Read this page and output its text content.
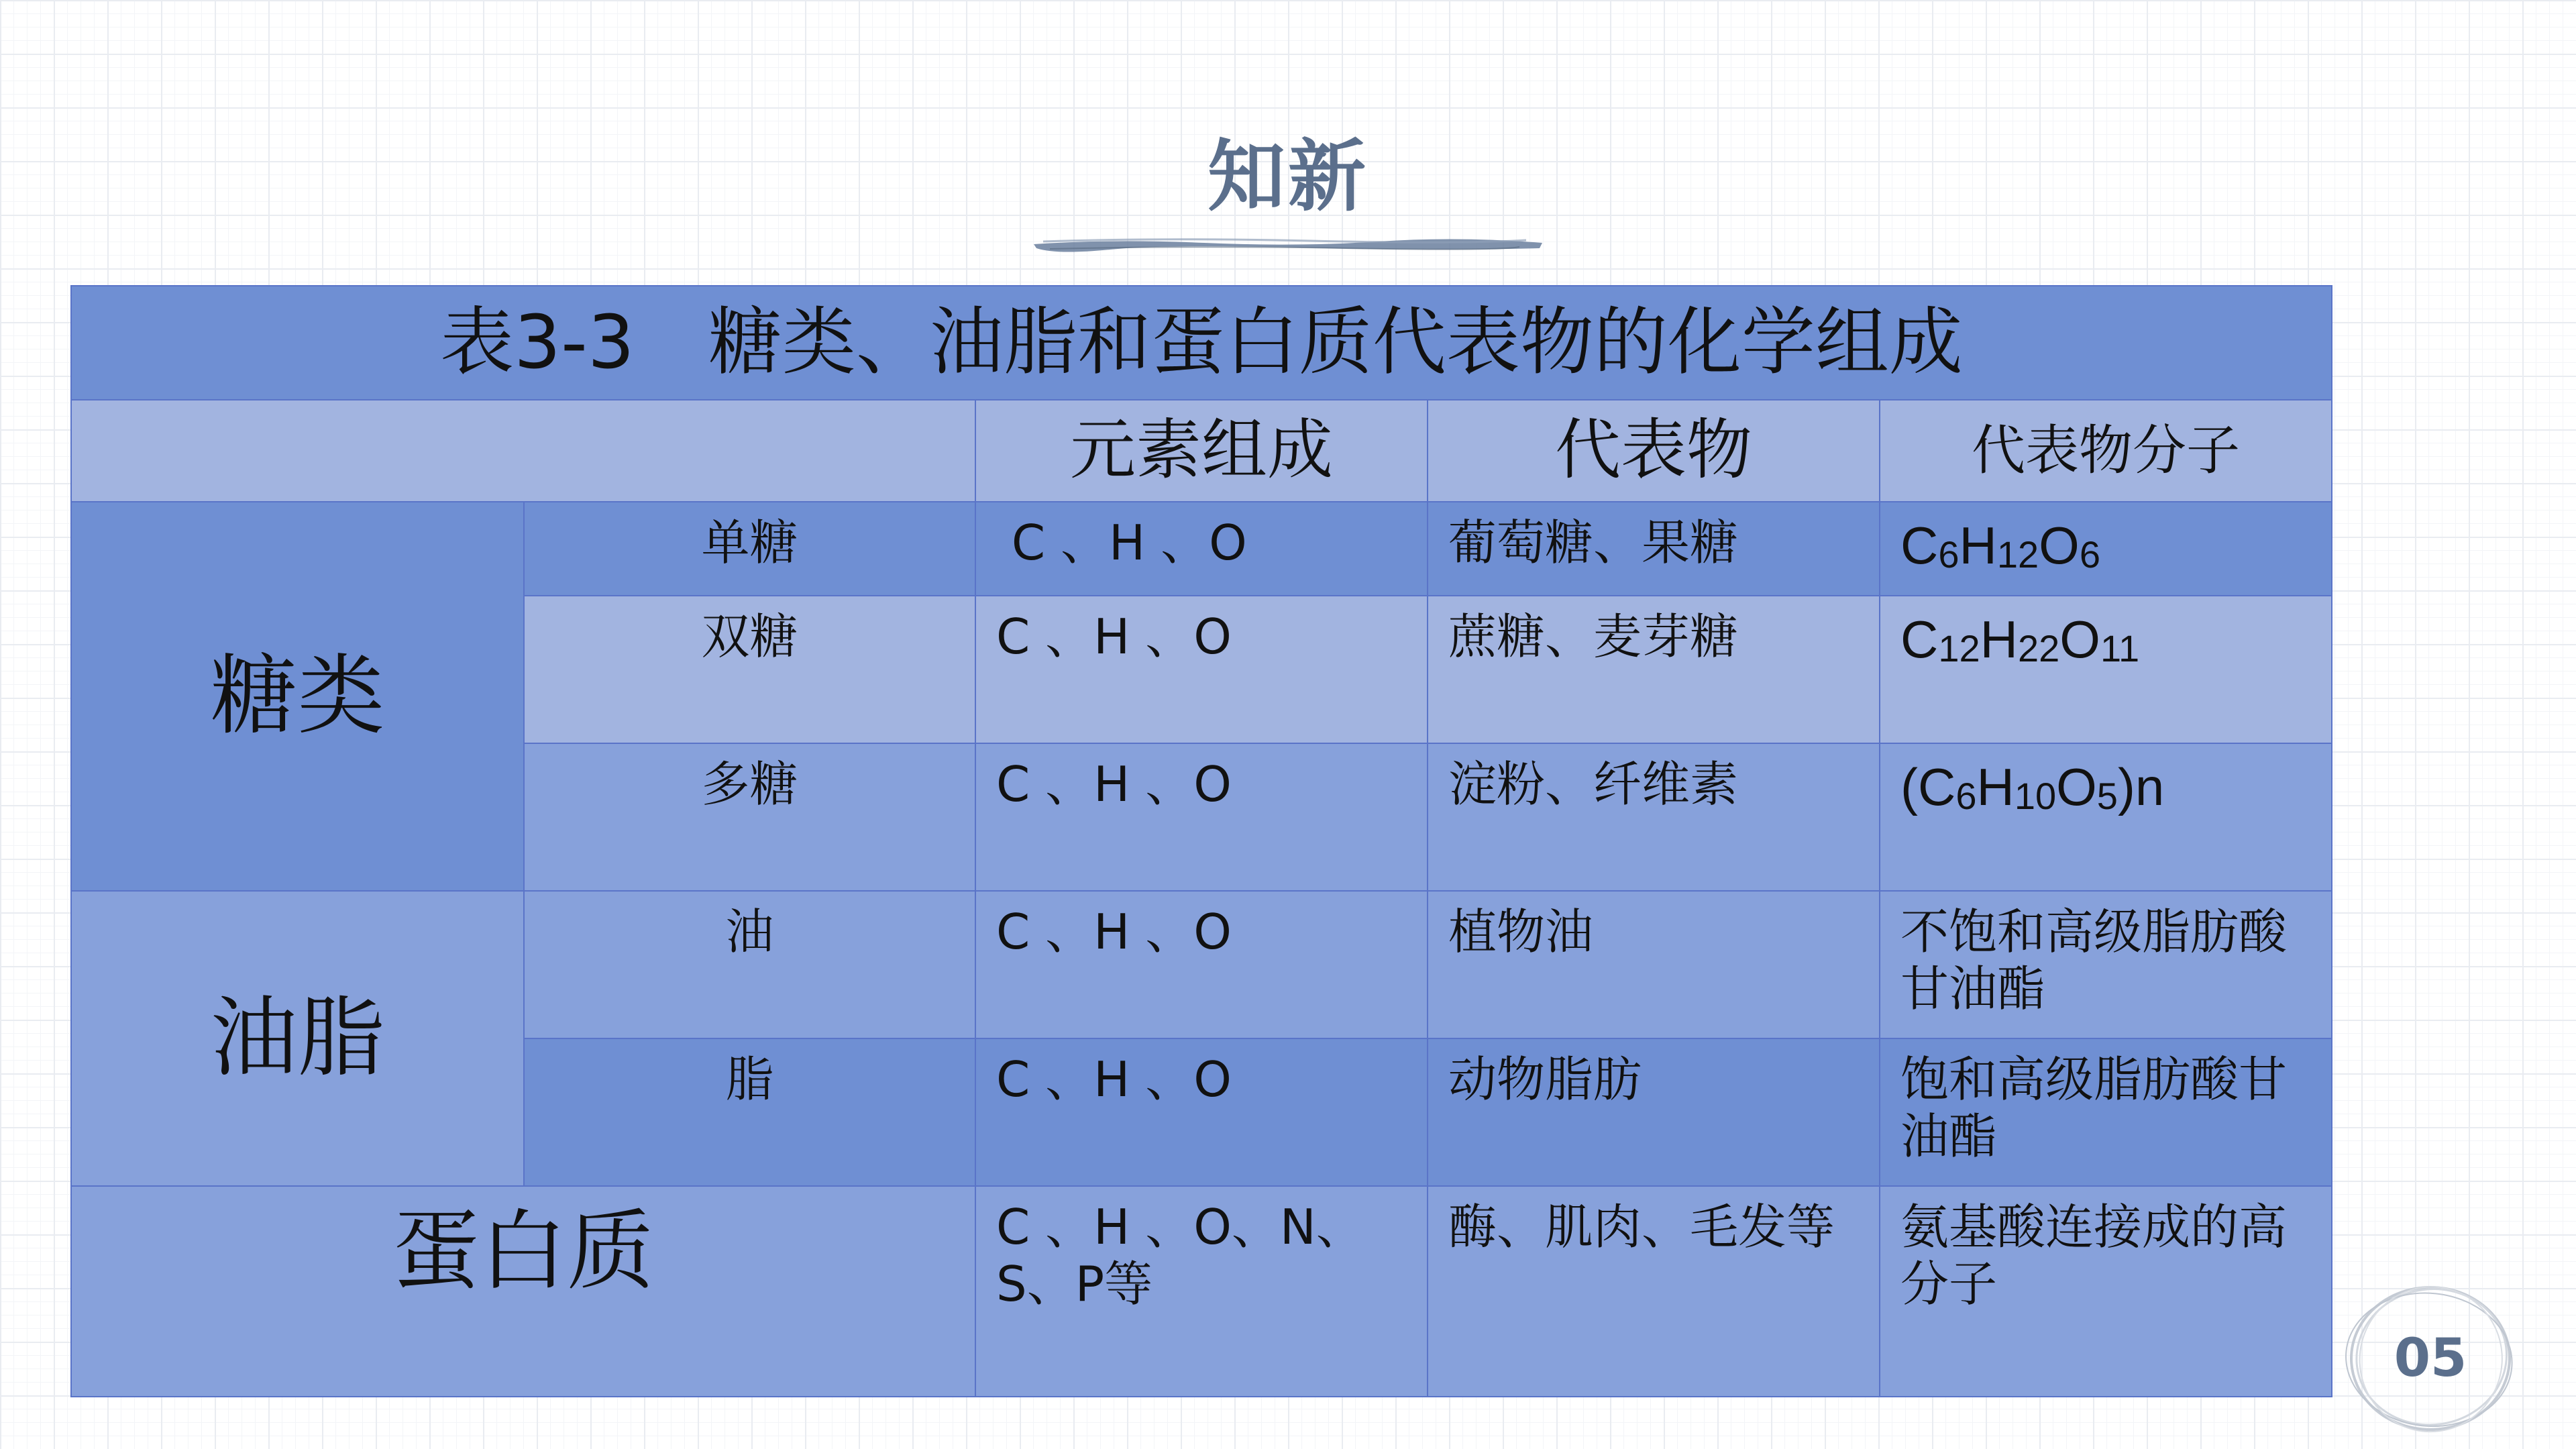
知新
表3-3　糖类、油脂和蛋白质代表物的化学组成				
		元素组成	代表物	代表物分子
糖类	单糖	C 、H 、O	葡萄糖、果糖	$C_6H_{12}O_6$
	双糖	C 、H 、O	蔗糖、麦芽糖	$C_{12}H_{22}O_{11}$
	多糖	C 、H 、O	淀粉、纤维素	$(C_6H_{10}O_5)n$
油脂	油	C 、H 、O	植物油	不饱和高级脂肪酸甘油酯
	脂	C 、H 、O	动物脂肪	饱和高级脂肪酸甘油酯
蛋白质		C 、H 、O、N、S、P等	酶、肌肉、毛发等	氨基酸连接成的高分子
05
